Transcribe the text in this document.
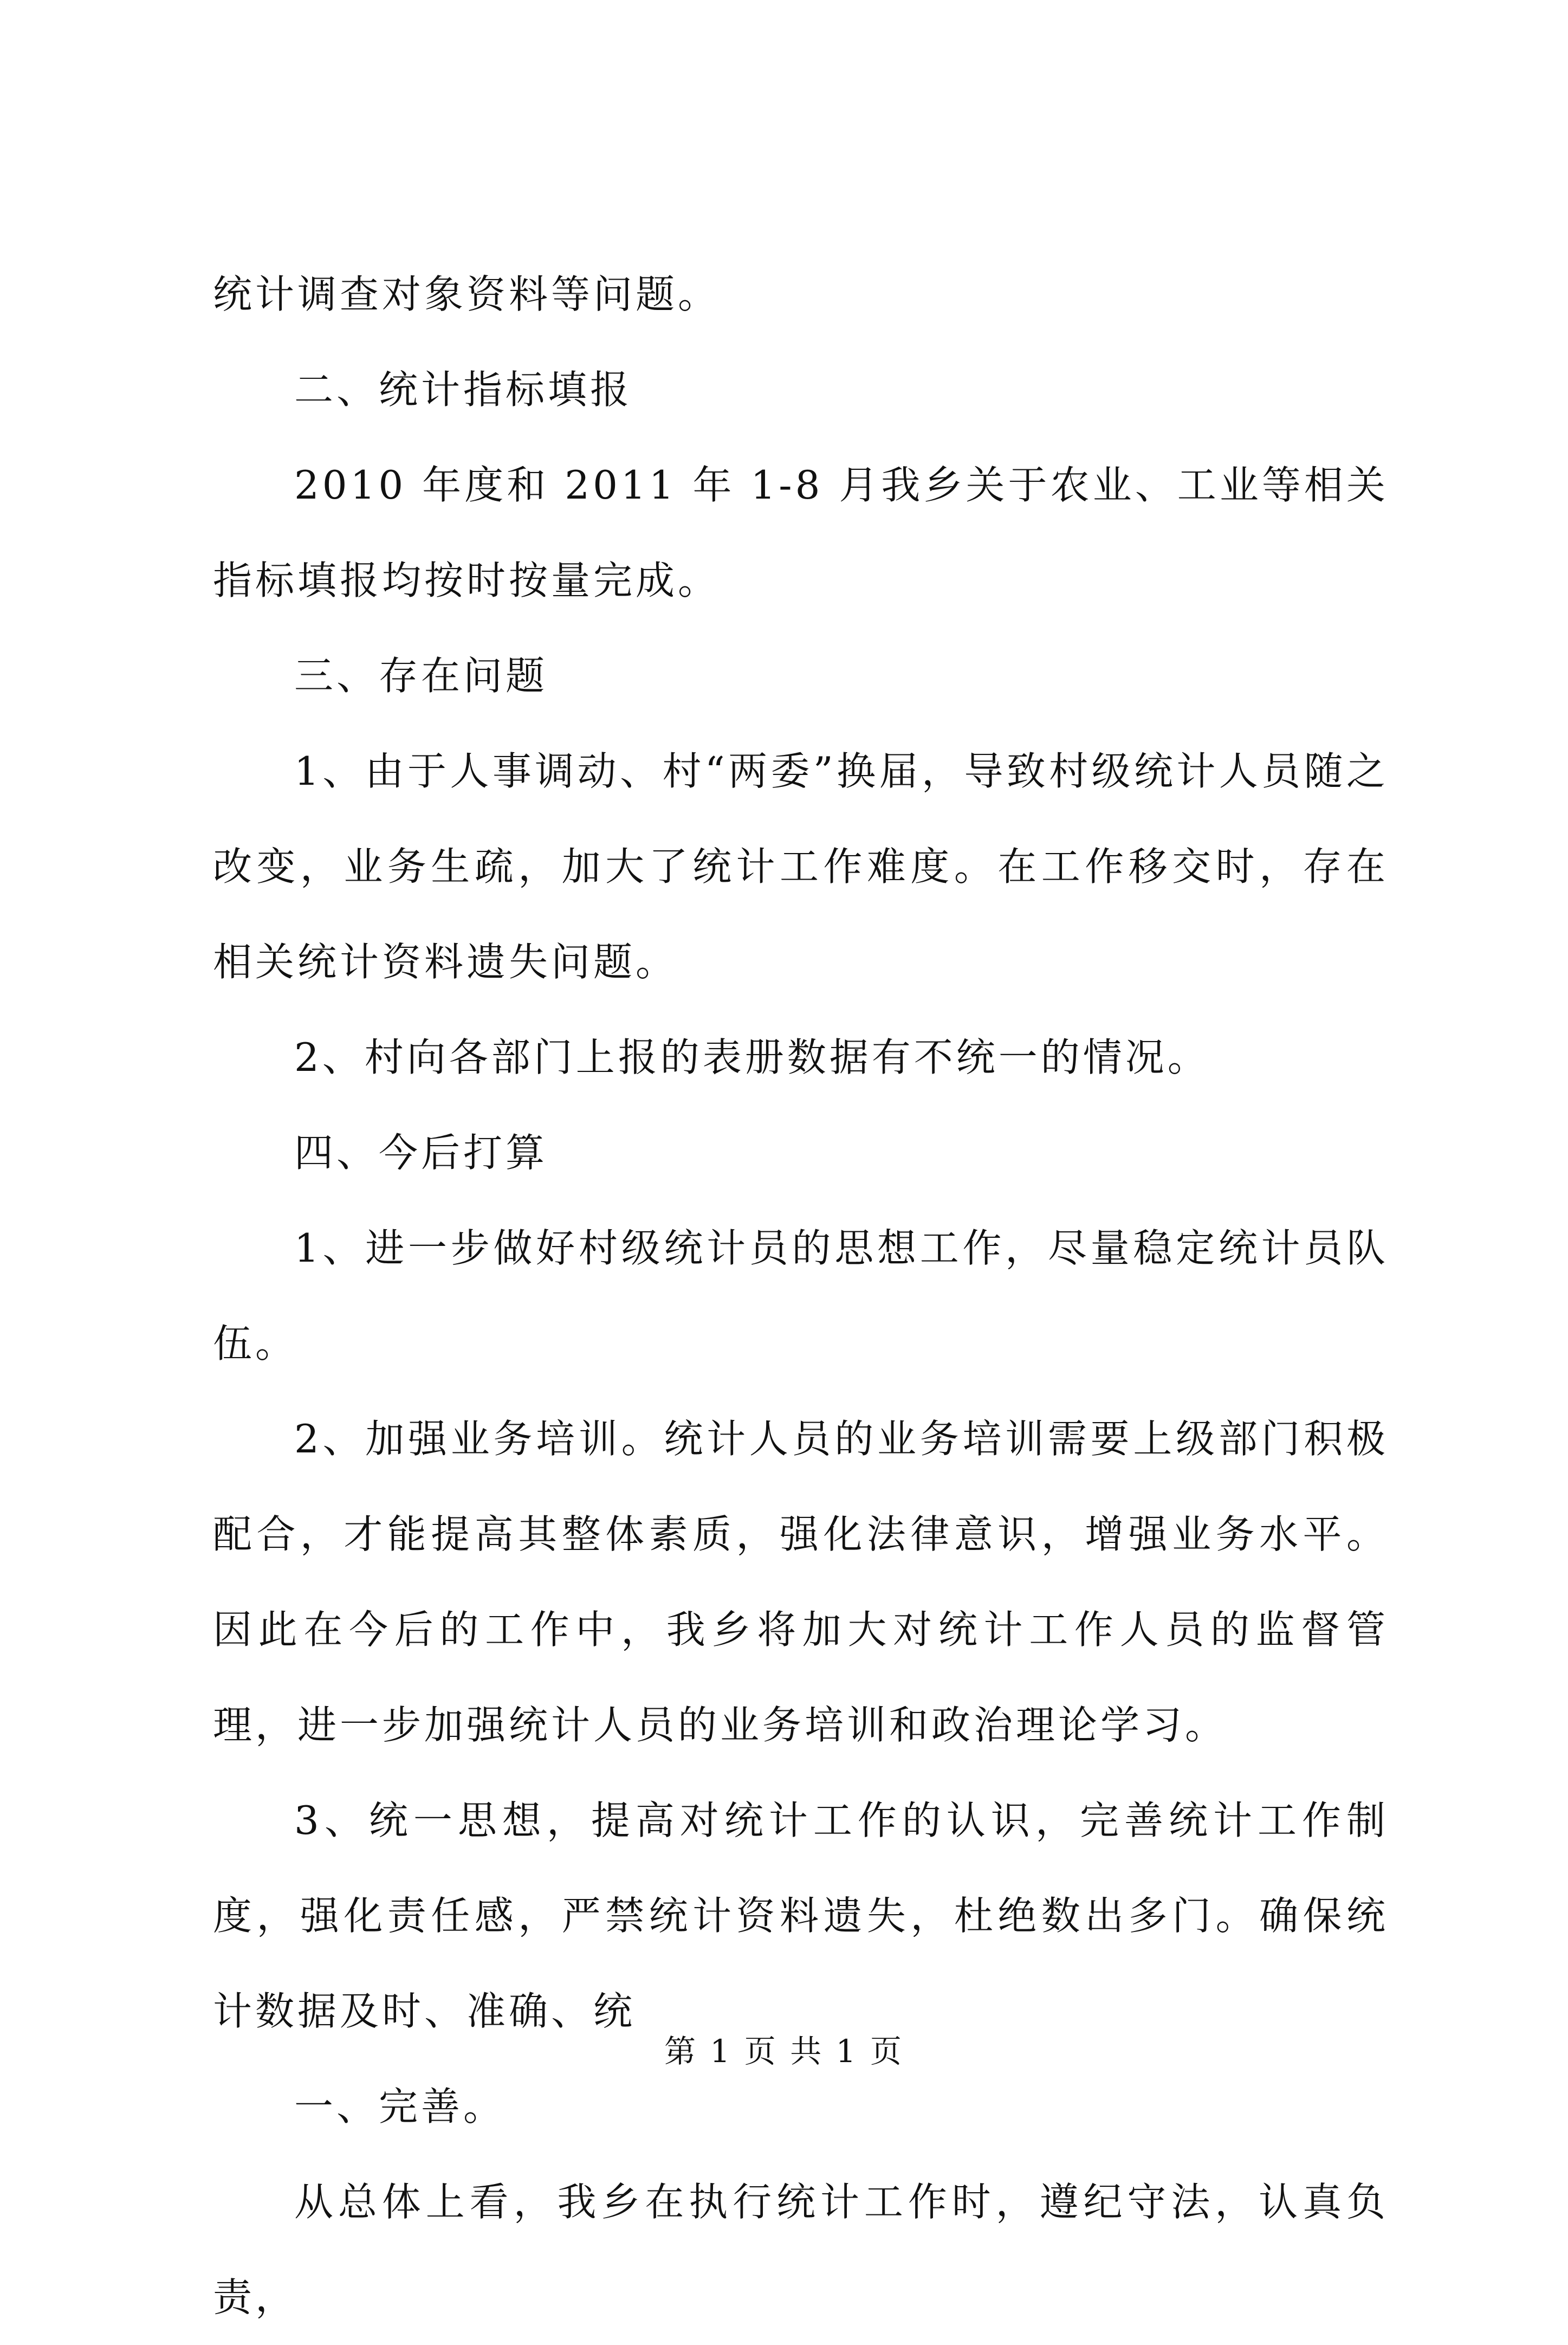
统计调查对象资料等问题。

二、统计指标填报

2010 年度和 2011 年 1-8 月我乡关于农业、工业等相关指标填报均按时按量完成。

三、存在问题

1、由于人事调动、村“两委”换届，导致村级统计人员随之改变，业务生疏，加大了统计工作难度。在工作移交时，存在相关统计资料遗失问题。

2、村向各部门上报的表册数据有不统一的情况。

四、今后打算

1、进一步做好村级统计员的思想工作，尽量稳定统计员队伍。

2、加强业务培训。统计人员的业务培训需要上级部门积极配合，才能提高其整体素质，强化法律意识，增强业务水平。因此在今后的工作中，我乡将加大对统计工作人员的监督管理，进一步加强统计人员的业务培训和政治理论学习。

3、统一思想，提高对统计工作的认识，完善统计工作制度，强化责任感，严禁统计资料遗失，杜绝数出多门。确保统计数据及时、准确、统

一、完善。

从总体上看，我乡在执行统计工作时，遵纪守法，认真负责，

第 1 页 共 1 页
